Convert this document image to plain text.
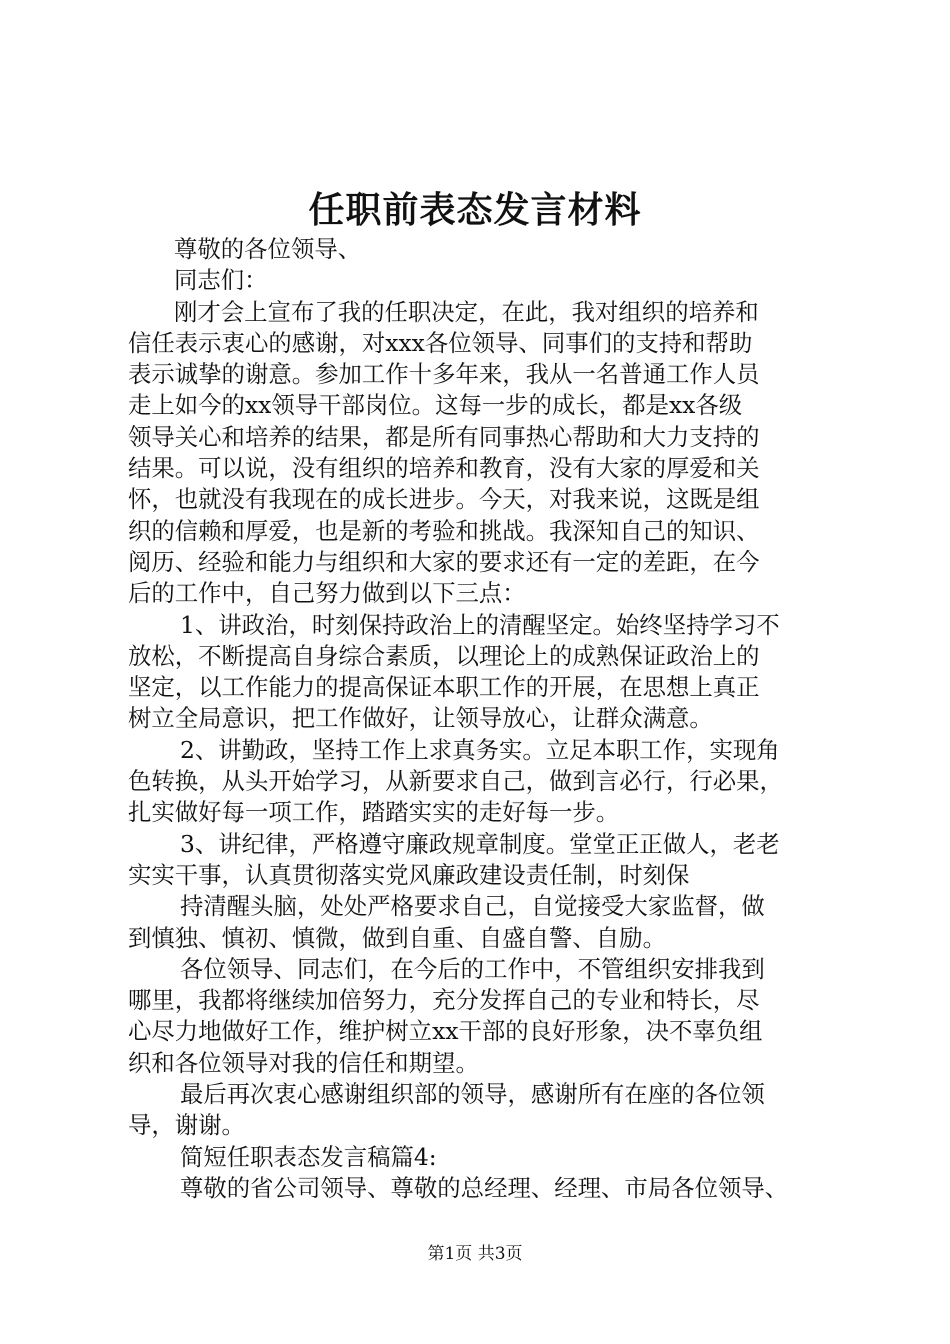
任职前表态发言材料
尊敬的各位领导、
同志们：
刚才会上宣布了我的任职决定，在此，我对组织的培养和
信任表示衷心的感谢，对xxx各位领导、同事们的支持和帮助
表示诚挚的谢意。参加工作十多年来，我从一名普通工作人员
走上如今的xx领导干部岗位。这每一步的成长，都是xx各级
领导关心和培养的结果，都是所有同事热心帮助和大力支持的
结果。可以说，没有组织的培养和教育，没有大家的厚爱和关
怀，也就没有我现在的成长进步。今天，对我来说，这既是组
织的信赖和厚爱，也是新的考验和挑战。我深知自己的知识、
阅历、经验和能力与组织和大家的要求还有一定的差距，在今
后的工作中，自己努力做到以下三点：
1、讲政治，时刻保持政治上的清醒坚定。始终坚持学习不
放松，不断提高自身综合素质，以理论上的成熟保证政治上的
坚定，以工作能力的提高保证本职工作的开展，在思想上真正
树立全局意识，把工作做好，让领导放心，让群众满意。
2、讲勤政，坚持工作上求真务实。立足本职工作，实现角
色转换，从头开始学习，从新要求自己，做到言必行，行必果，
扎实做好每一项工作，踏踏实实的走好每一步。
3、讲纪律，严格遵守廉政规章制度。堂堂正正做人，老老
实实干事，认真贯彻落实党风廉政建设责任制，时刻保
持清醒头脑，处处严格要求自己，自觉接受大家监督，做
到慎独、慎初、慎微，做到自重、自盛自警、自励。
各位领导、同志们，在今后的工作中，不管组织安排我到
哪里，我都将继续加倍努力，充分发挥自己的专业和特长，尽
心尽力地做好工作，维护树立xx干部的良好形象，决不辜负组
织和各位领导对我的信任和期望。
最后再次衷心感谢组织部的领导，感谢所有在座的各位领
导，谢谢。
简短任职表态发言稿篇4:
尊敬的省公司领导、尊敬的总经理、经理、市局各位领导、
第1页 共3页
